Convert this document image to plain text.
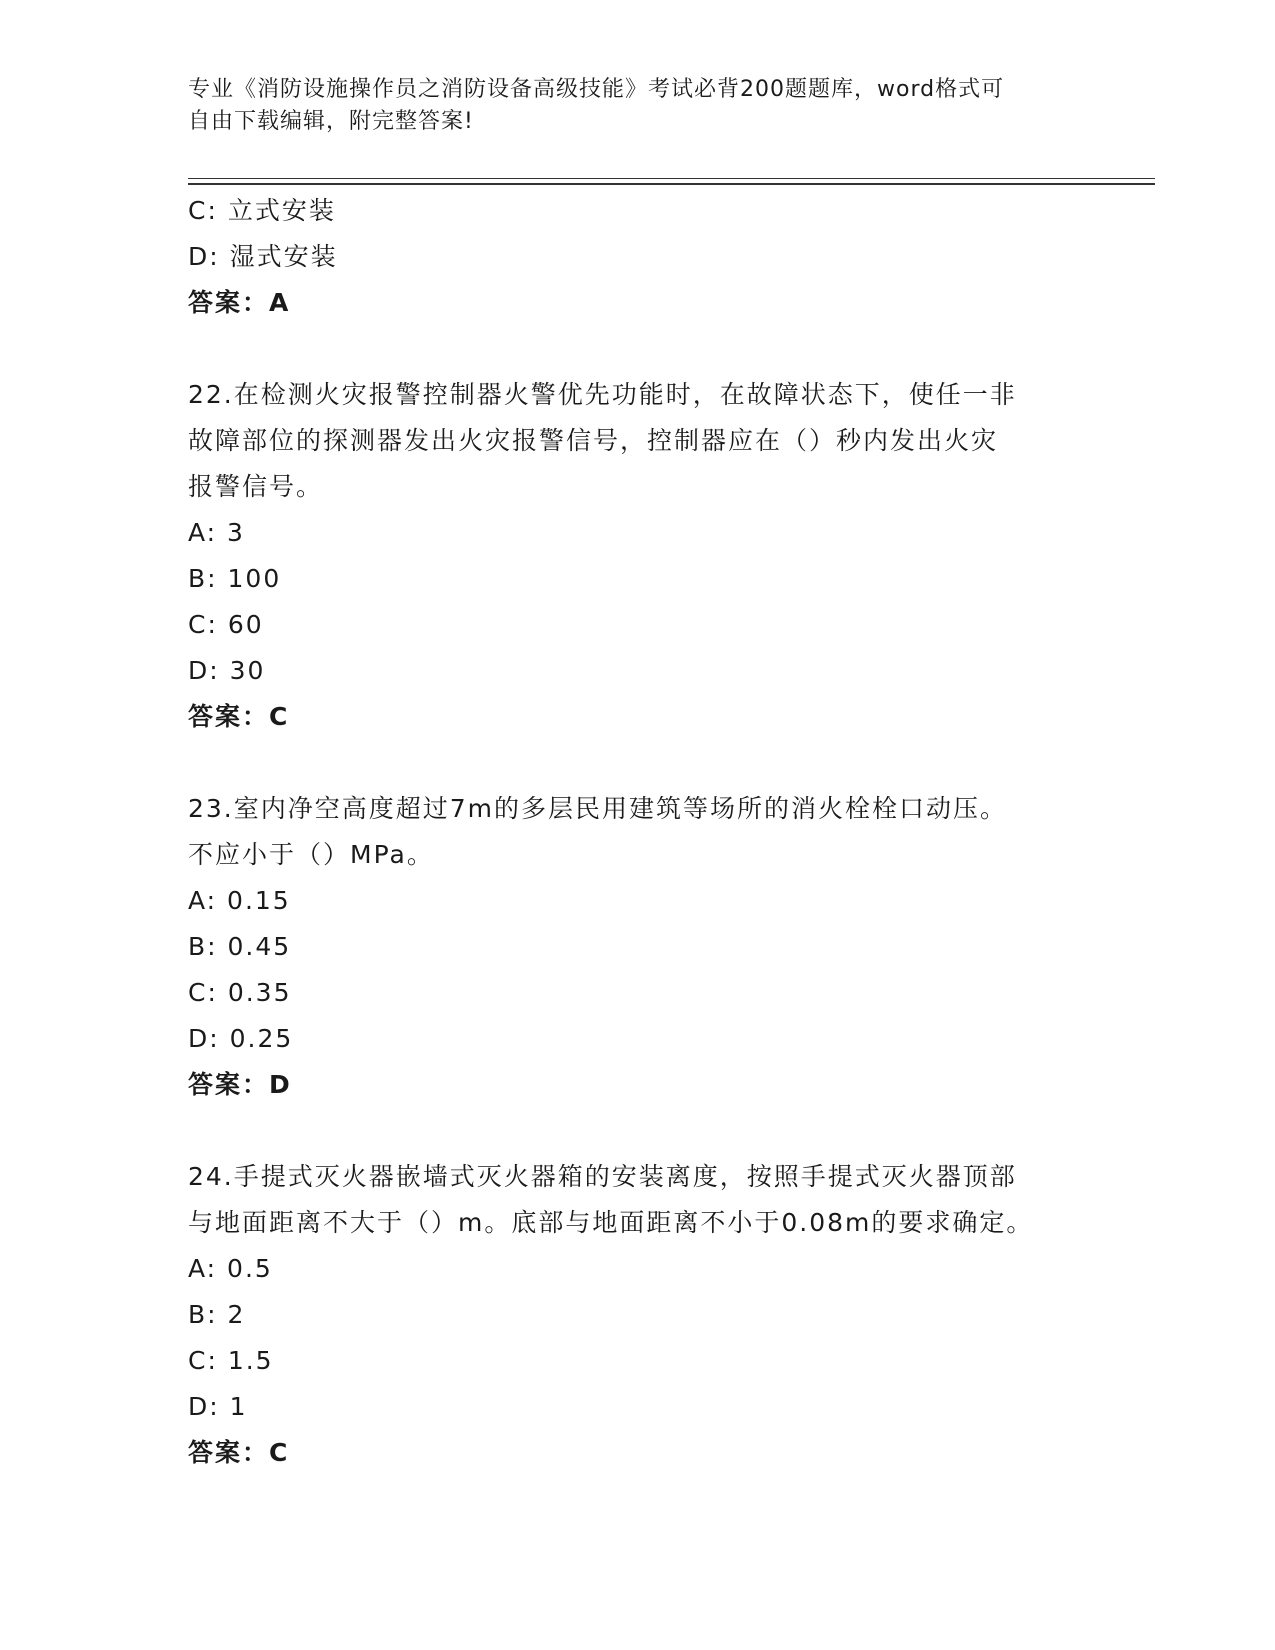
专业《消防设施操作员之消防设备高级技能》考试必背200题题库，word格式可
自由下载编辑，附完整答案!
C: 立式安装
D: 湿式安装
答案：A
22.在检测火灾报警控制器火警优先功能时，在故障状态下，使任一非
故障部位的探测器发出火灾报警信号，控制器应在（）秒内发出火灾
报警信号。
A: 3
B: 100
C: 60
D: 30
答案：C
23.室内净空高度超过7m的多层民用建筑等场所的消火栓栓口动压。
不应小于（）MPa。
A: 0.15
B: 0.45
C: 0.35
D: 0.25
答案：D
24.手提式灭火器嵌墙式灭火器箱的安装离度，按照手提式灭火器顶部
与地面距离不大于（）m。底部与地面距离不小于0.08m的要求确定。
A: 0.5
B: 2
C: 1.5
D: 1
答案：C
